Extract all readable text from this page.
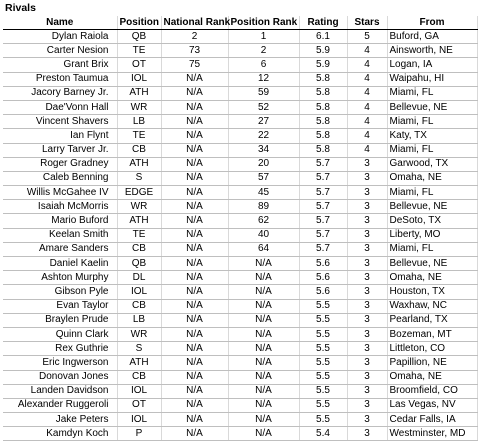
Rivals
Name	Position	National Rank	Position Rank	Rating	Stars	From
Dylan Raiola	QB	2	1	6.1	5	Buford, GA
Carter Nesion	TE	73	2	5.9	4	Ainsworth, NE
Grant Brix	OT	75	6	5.9	4	Logan, IA
Preston Taumua	IOL	N/A	12	5.8	4	Waipahu, HI
Jacory Barney Jr.	ATH	N/A	59	5.8	4	Miami, FL
Dae'Vonn Hall	WR	N/A	52	5.8	4	Bellevue, NE
Vincent Shavers	LB	N/A	27	5.8	4	Miami, FL
Ian Flynt	TE	N/A	22	5.8	4	Katy, TX
Larry Tarver Jr.	CB	N/A	34	5.8	4	Miami, FL
Roger Gradney	ATH	N/A	20	5.7	3	Garwood, TX
Caleb Benning	S	N/A	57	5.7	3	Omaha, NE
Willis McGahee IV	EDGE	N/A	45	5.7	3	Miami, FL
Isaiah McMorris	WR	N/A	89	5.7	3	Bellevue, NE
Mario Buford	ATH	N/A	62	5.7	3	DeSoto, TX
Keelan Smith	TE	N/A	40	5.7	3	Liberty, MO
Amare Sanders	CB	N/A	64	5.7	3	Miami, FL
Daniel Kaelin	QB	N/A	N/A	5.6	3	Bellevue, NE
Ashton Murphy	DL	N/A	N/A	5.6	3	Omaha, NE
Gibson Pyle	IOL	N/A	N/A	5.6	3	Houston, TX
Evan Taylor	CB	N/A	N/A	5.5	3	Waxhaw, NC
Braylen Prude	LB	N/A	N/A	5.5	3	Pearland, TX
Quinn Clark	WR	N/A	N/A	5.5	3	Bozeman, MT
Rex Guthrie	S	N/A	N/A	5.5	3	Littleton, CO
Eric Ingwerson	ATH	N/A	N/A	5.5	3	Papillion, NE
Donovan Jones	CB	N/A	N/A	5.5	3	Omaha, NE
Landen Davidson	IOL	N/A	N/A	5.5	3	Broomfield, CO
Alexander Ruggeroli	OT	N/A	N/A	5.5	3	Las Vegas, NV
Jake Peters	IOL	N/A	N/A	5.5	3	Cedar Falls, IA
Kamdyn Koch	P	N/A	N/A	5.4	3	Westminster, MD
